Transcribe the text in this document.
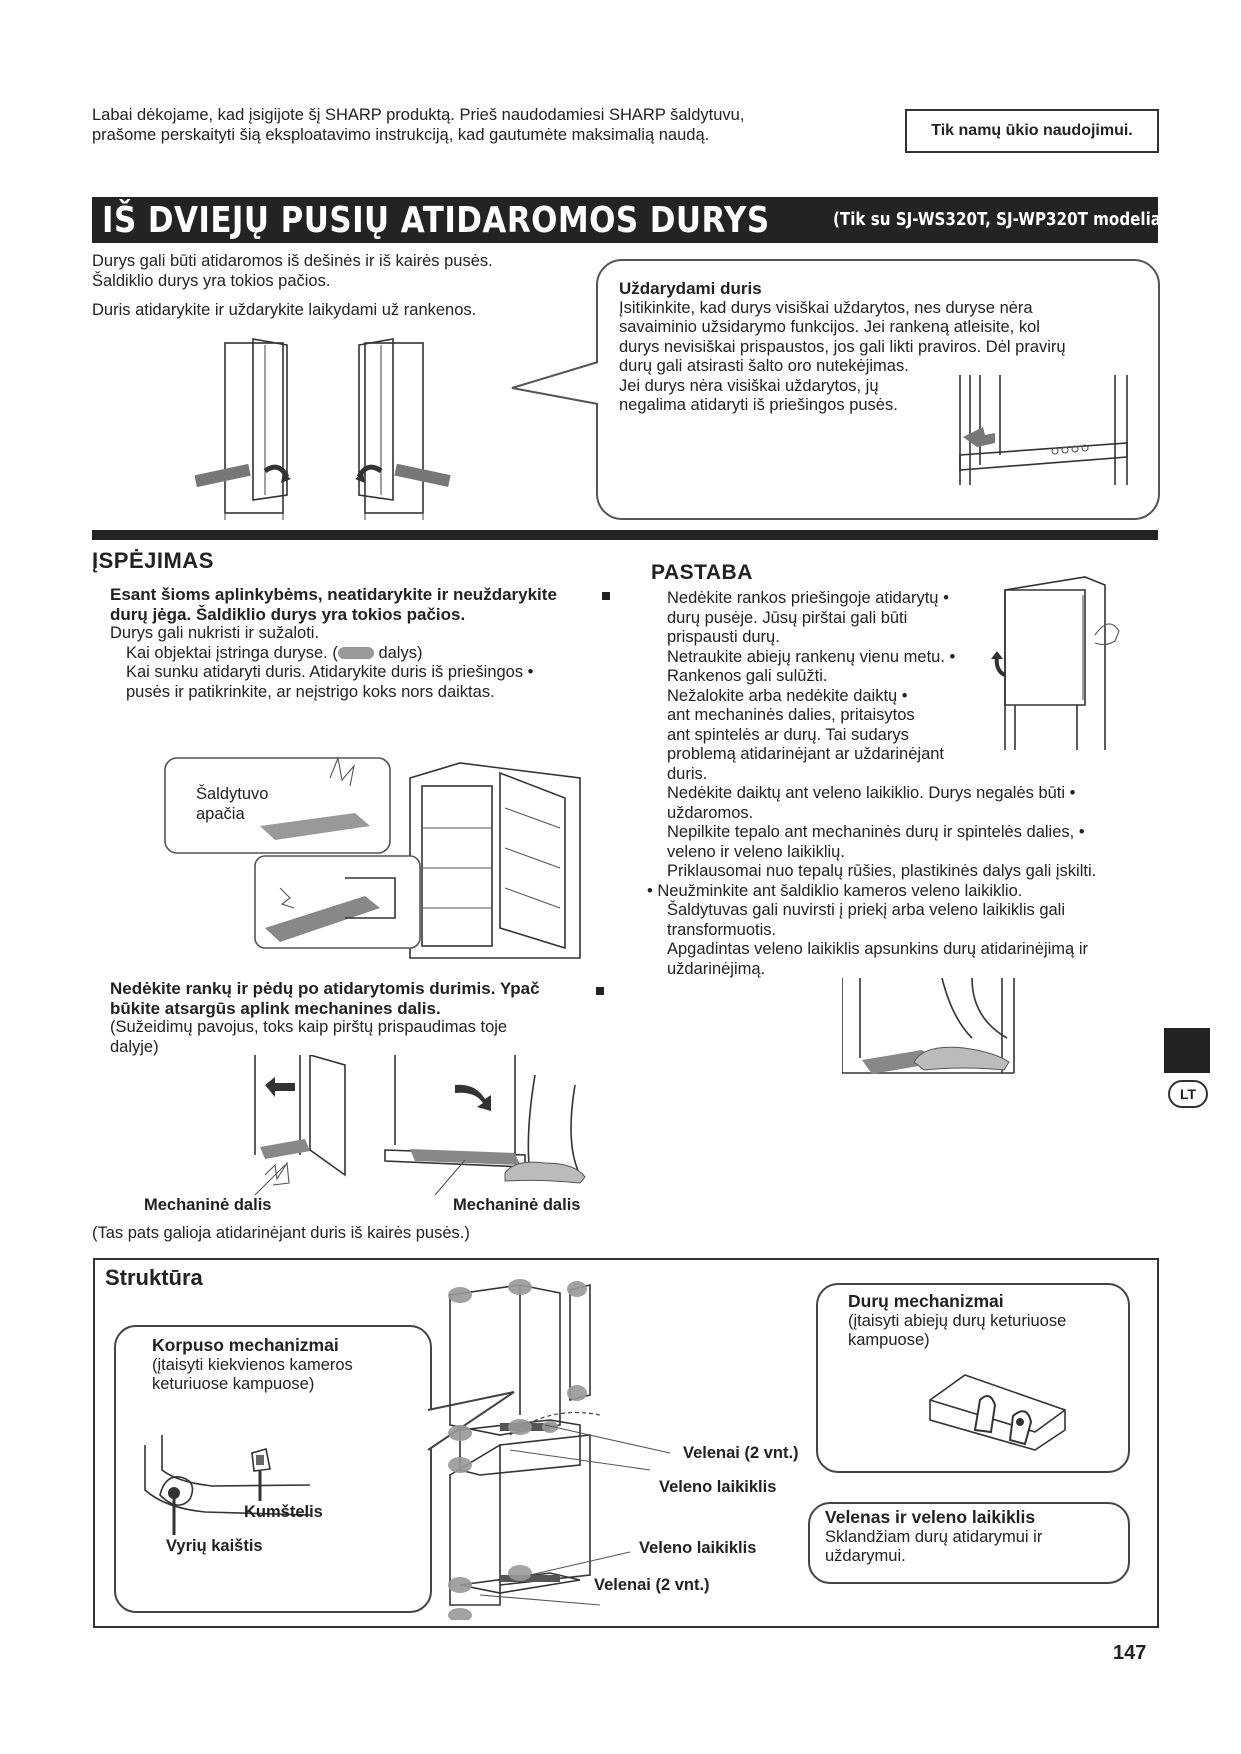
Labai dėkojame, kad įsigijote šį SHARP produktą. Prieš naudodamiesi SHARP šaldytuvu,

prašome perskaityti šią eksploatavimo instrukciją, kad gautumėte maksimalią naudą.	Tik namų ūkio naudojimui.
IŠ DVIEJŲ PUSIŲ ATIDAROMOS DURYS	(Tik su SJ-WS320T, SJ-WP320T modeliais)

Durys gali būti atidaromos iš dešinės ir iš kairės pusės.

Šaldiklio durys yra tokios pačios.

Duris atidarykite ir uždarykite laikydami už rankenos.

Uždarydami duris

Įsitikinkite, kad durys visiškai uždarytos, nes duryse nėra

savaiminio užsidarymo funkcijos. Jei rankeną atleisite, kol

durys nevisiškai prispaustos, jos gali likti praviros. Dėl pravirų

durų gali atsirasti šalto oro nutekėjimas.

Jei durys nėra visiškai uždarytos, jų

negalima atidaryti iš priešingos pusės.

ĮSPĖJIMAS

Esant šioms aplinkybėms, neatidarykite ir neuždarykite

durų jėga. Šaldiklio durys yra tokios pačios.

Durys gali nukristi ir sužaloti.

Kai objektai įstringa duryse. ( dalys)

Kai sunku atidaryti duris. Atidarykite duris iš priešingos •

pusės ir patikrinkite, ar neįstrigo koks nors daiktas.

Šaldytuvo

apačia

Nedėkite rankų ir pėdų po atidarytomis durimis. Ypač

būkite atsargūs aplink mechanines dalis.

(Sužeidimų pavojus, toks kaip pirštų prispaudimas toje

dalyje)

Mechaninė dalis	Mechaninė dalis

(Tas pats galioja atidarinėjant duris iš kairės pusės.)

PASTABA

Nedėkite rankos priešingoje atidarytų •

durų pusėje. Jūsų pirštai gali būti

prispausti durų.

Netraukite abiejų rankenų vienu metu. •

Rankenos gali sulūžti.

Nežalokite arba nedėkite daiktų •

ant mechaninės dalies, pritaisytos

ant spintelės ar durų. Tai sudarys

problemą atidarinėjant ar uždarinėjant

duris.

Nedėkite daiktų ant veleno laikiklio. Durys negalės būti •

uždaromos.

Nepilkite tepalo ant mechaninės durų ir spintelės dalies, •

veleno ir veleno laikiklių.

Priklausomai nuo tepalų rūšies, plastikinės dalys gali įskilti.

• Neužminkite ant šaldiklio kameros veleno laikiklio.

Šaldytuvas gali nuvirsti į priekį arba veleno laikiklis gali

transformuotis.

Apgadintas veleno laikiklis apsunkins durų atidarinėjimą ir

uždarinėjimą.

LT
Struktūra

Korpuso mechanizmai

(įtaisyti kiekvienos kameros

keturiuose kampuose)

Kumštelis
Vyrių kaištis
Velenai (2 vnt.)
Veleno laikiklis
Veleno laikiklis
Velenai (2 vnt.)

Durų mechanizmai

(įtaisyti abiejų durų keturiuose

kampuose)

Velenas ir veleno laikiklis

Sklandžiam durų atidarymui ir

uždarymui.

147
